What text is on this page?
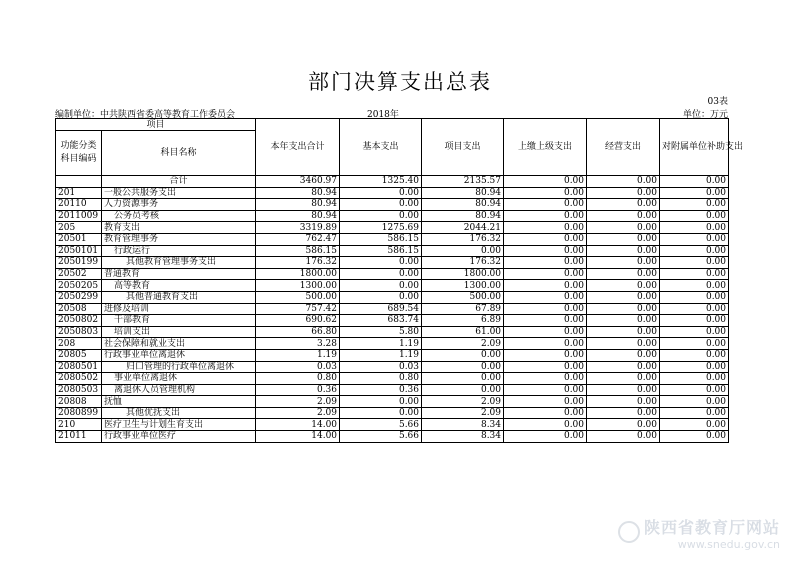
部门决算支出总表
03表
编制单位：中共陕西省委高等教育工作委员会	2018年	单位：万元
项目		本年支出合计	基本支出	项目支出	上缴上级支出	经营支出	对附属单位补助支出
功能分类科目编码	科目名称						
	合计	3460.97	1325.40	2135.57	0.00	0.00	0.00
201	一般公共服务支出	80.94	0.00	80.94	0.00	0.00	0.00
20110	人力资源事务	80.94	0.00	80.94	0.00	0.00	0.00
2011009	公务员考核	80.94	0.00	80.94	0.00	0.00	0.00
205	教育支出	3319.89	1275.69	2044.21	0.00	0.00	0.00
20501	教育管理事务	762.47	586.15	176.32	0.00	0.00	0.00
2050101	行政运行	586.15	586.15	0.00	0.00	0.00	0.00
2050199	其他教育管理事务支出	176.32	0.00	176.32	0.00	0.00	0.00
20502	普通教育	1800.00	0.00	1800.00	0.00	0.00	0.00
2050205	高等教育	1300.00	0.00	1300.00	0.00	0.00	0.00
2050299	其他普通教育支出	500.00	0.00	500.00	0.00	0.00	0.00
20508	进修及培训	757.42	689.54	67.89	0.00	0.00	0.00
2050802	干部教育	690.62	683.74	6.89	0.00	0.00	0.00
2050803	培训支出	66.80	5.80	61.00	0.00	0.00	0.00
208	社会保障和就业支出	3.28	1.19	2.09	0.00	0.00	0.00
20805	行政事业单位离退休	1.19	1.19	0.00	0.00	0.00	0.00
2080501	归口管理的行政单位离退休	0.03	0.03	0.00	0.00	0.00	0.00
2080502	事业单位离退休	0.80	0.80	0.00	0.00	0.00	0.00
2080503	离退休人员管理机构	0.36	0.36	0.00	0.00	0.00	0.00
20808	抚恤	2.09	0.00	2.09	0.00	0.00	0.00
2080899	其他优抚支出	2.09	0.00	2.09	0.00	0.00	0.00
210	医疗卫生与计划生育支出	14.00	5.66	8.34	0.00	0.00	0.00
21011	行政事业单位医疗	14.00	5.66	8.34	0.00	0.00	0.00
陕西省教育厅网站
www.snedu.gov.cn
